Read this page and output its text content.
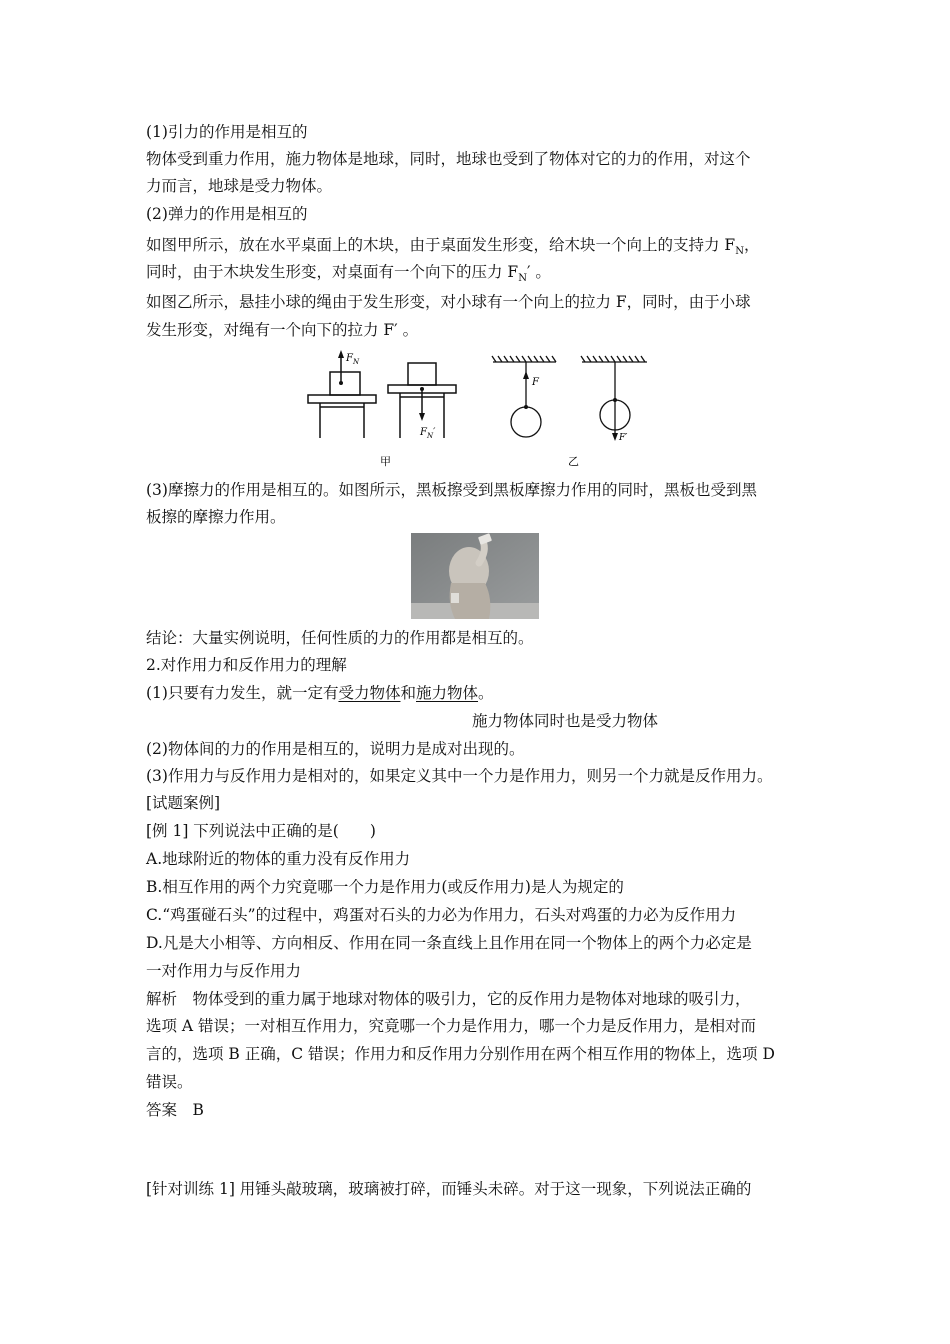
(1)引力的作用是相互的
物体受到重力作用，施力物体是地球，同时，地球也受到了物体对它的力的作用，对这个
力而言，地球是受力物体。
(2)弹力的作用是相互的
如图甲所示，放在水平桌面上的木块，由于桌面发生形变，给木块一个向上的支持力 $F_N$，
同时，由于木块发生形变，对桌面有一个向下的压力 $F_N'$ 。
如图乙所示，悬挂小球的绳由于发生形变，对小球有一个向上的拉力 F，同时，由于小球
发生形变，对绳有一个向下的拉力 F′ 。
$F_N$
$F_N'$
F
F′
甲	乙
(3)摩擦力的作用是相互的。如图所示，黑板擦受到黑板摩擦力作用的同时，黑板也受到黑
板擦的摩擦力作用。
结论：大量实例说明，任何性质的力的作用都是相互的。
2.对作用力和反作用力的理解
(1)只要有力发生，就一定有受力物体和施力物体。
施力物体同时也是受力物体
(2)物体间的力的作用是相互的，说明力是成对出现的。
(3)作用力与反作用力是相对的，如果定义其中一个力是作用力，则另一个力就是反作用力。
[试题案例]
[例 1] 下列说法中正确的是(　　)
A.地球附近的物体的重力没有反作用力
B.相互作用的两个力究竟哪一个力是作用力(或反作用力)是人为规定的
C.“鸡蛋碰石头”的过程中，鸡蛋对石头的力必为作用力，石头对鸡蛋的力必为反作用力
D.凡是大小相等、方向相反、作用在同一条直线上且作用在同一个物体上的两个力必定是
一对作用力与反作用力
解析　物体受到的重力属于地球对物体的吸引力，它的反作用力是物体对地球的吸引力，
选项 A 错误；一对相互作用力，究竟哪一个力是作用力，哪一个力是反作用力，是相对而
言的，选项 B 正确，C 错误；作用力和反作用力分别作用在两个相互作用的物体上，选项 D
错误。
答案　B
[针对训练 1] 用锤头敲玻璃，玻璃被打碎，而锤头未碎。对于这一现象，下列说法正确的
